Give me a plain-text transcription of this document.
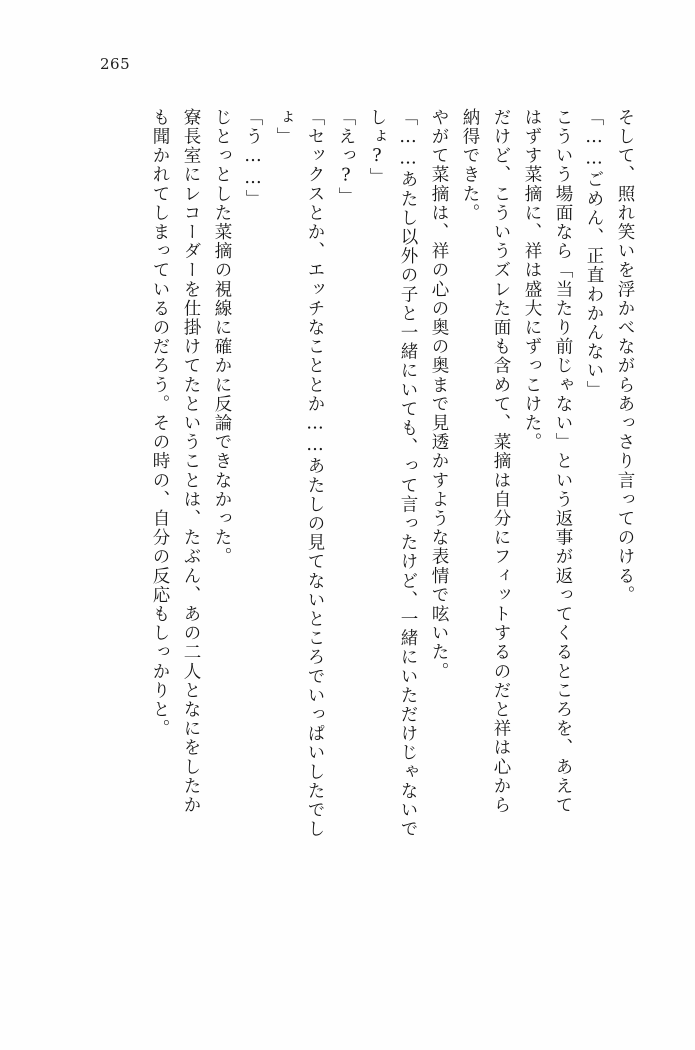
265
そして、照れ笑いを浮かべながらあっさり言ってのける。
「……ごめん、正直わかんない」
こういう場面なら「当たり前じゃない」という返事が返ってくるところを、あえて
はずす菜摘に、祥は盛大にずっこけた。
だけど、こういうズレた面も含めて、菜摘は自分にフィットするのだと祥は心から
納得できた。
やがて菜摘は、祥の心の奥の奥まで見透かすような表情で呟いた。
「……あたし以外の子と一緒にいても、って言ったけど、一緒にいただけじゃないで
しょ?」
「えっ?」
「セックスとか、エッチなこととか……あたしの見てないところでいっぱいしたでし
ょ」
「う……」
じとっとした菜摘の視線に確かに反論できなかった。
寮長室にレコーダーを仕掛けてたということは、たぶん、あの二人となにをしたか
も聞かれてしまっているのだろう。その時の、自分の反応もしっかりと。
